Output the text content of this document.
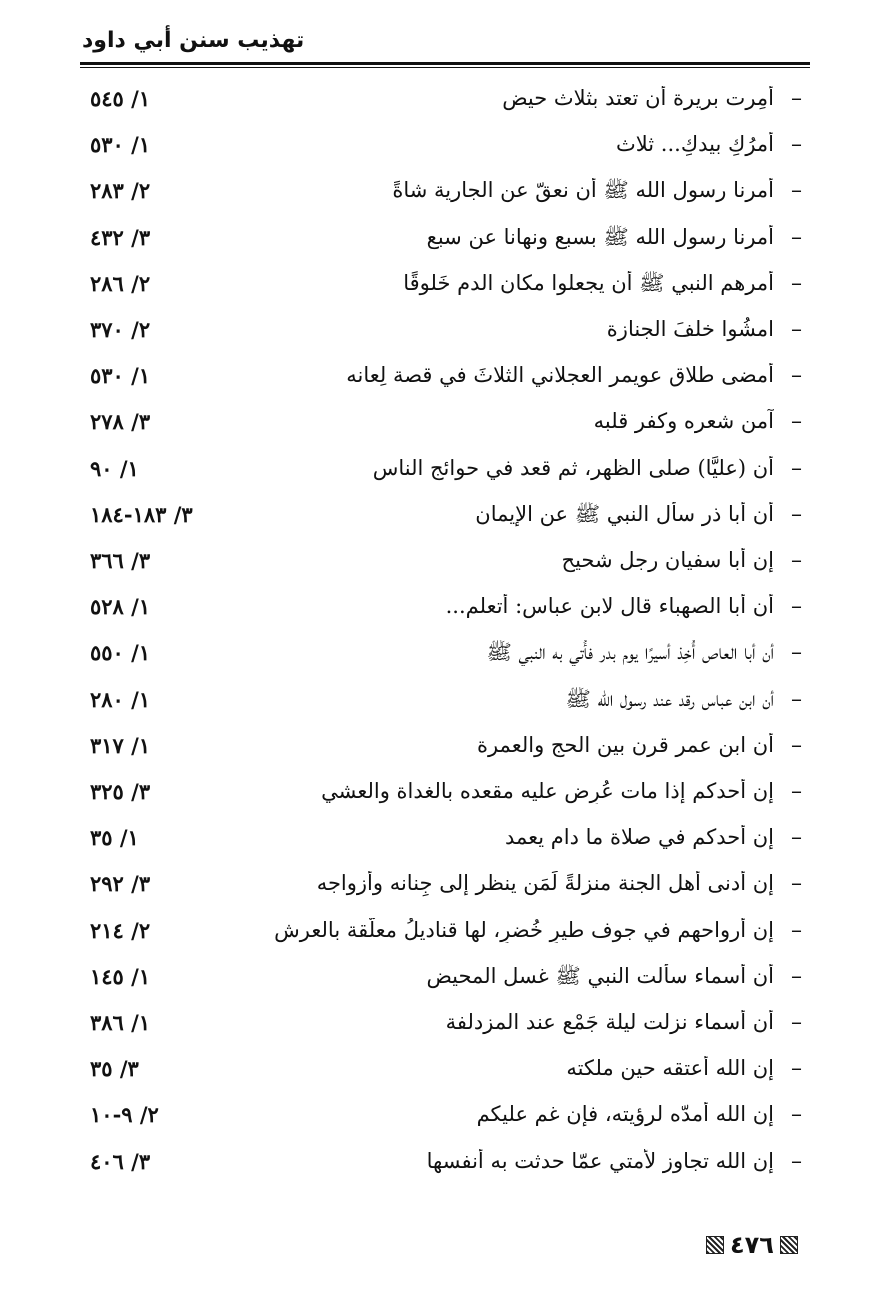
تهذيب سنن أبي داود
–
أُمِرت بريرة أن تعتد بثلاث حيض
١/ ٥٤٥
–
أمرُكِ بيدكِ... ثلاث
١/ ٥٣٠
–
أمرنا رسول الله ﷺ أن نعقّ عن الجارية شاةً
٢/ ٢٨٣
–
أمرنا رسول الله ﷺ بسبع ونهانا عن سبع
٣/ ٤٣٢
–
أمرهم النبي ﷺ أن يجعلوا مكان الدم خَلوقًا
٢/ ٢٨٦
–
امشُوا خلفَ الجنازة
٢/ ٣٧٠
–
أمضى طلاق عويمر العجلاني الثلاثَ في قصة لِعانه
١/ ٥٣٠
–
آمن شعره وكفر قلبه
٣/ ٢٧٨
–
أن (عليًّا) صلى الظهر، ثم قعد في حوائج الناس
١/ ٩٠
–
أن أبا ذر سأل النبي ﷺ عن الإيمان
٣/ ١٨٣-١٨٤
–
إن أبا سفيان رجل شحيح
٣/ ٣٦٦
–
أن أبا الصهباء قال لابن عباس: أتعلم...
١/ ٥٢٨
–
أن أبا العاص أُخِذ أسيرًا يوم بدر فأُتي به النبي ﷺ
١/ ٥٥٠
–
أن ابن عباس رقد عند رسول الله ﷺ
١/ ٢٨٠
–
أن ابن عمر قرن بين الحج والعمرة
١/ ٣١٧
–
إن أحدكم إذا مات عُرِض عليه مقعده بالغداة والعشي
٣/ ٣٢٥
–
إن أحدكم في صلاة ما دام يعمد
١/ ٣٥
–
إن أدنى أهل الجنة منزلةً لَمَن ينظر إلى جِنانه وأزواجه
٣/ ٢٩٢
–
إن أرواحهم في جوف طيرٍ خُضرٍ، لها قناديلُ معلَّقة بالعرش
٢/ ٢١٤
–
أن أسماء سألت النبي ﷺ غسل المحيض
١/ ١٤٥
–
أن أسماء نزلت ليلة جَمْعٍ عند المزدلفة
١/ ٣٨٦
–
إن الله أعتقه حين ملكته
٣/ ٣٥
–
إن الله أمدّه لرؤيته، فإن غم عليكم
٢/ ٩-١٠
–
إن الله تجاوز لأمتي عمّا حدثت به أنفسها
٣/ ٤٠٦
٤٧٦
